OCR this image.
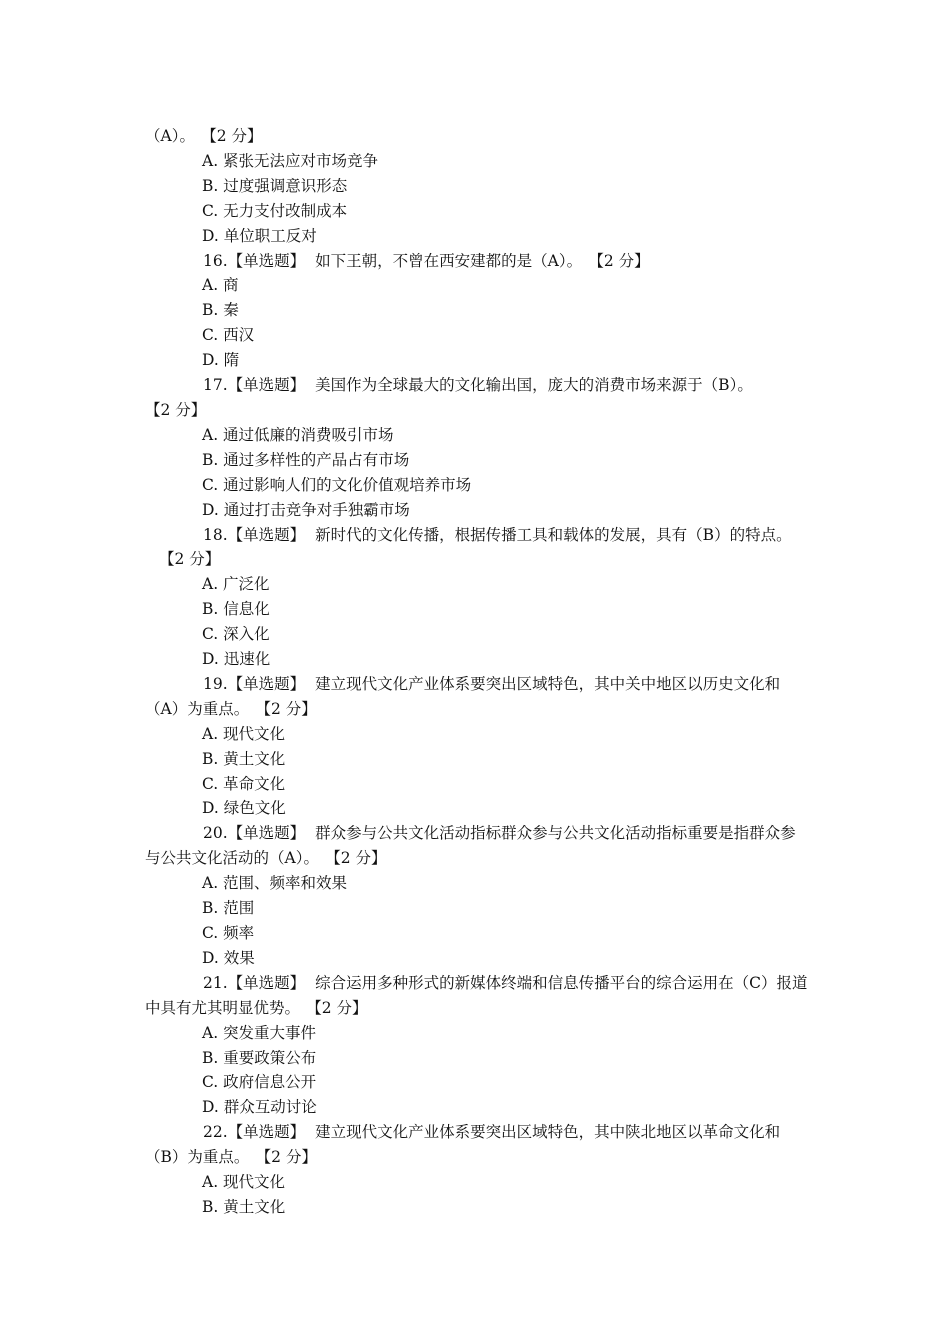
（A）。 【2 分】
A. 紧张无法应对市场竞争
B. 过度强调意识形态
C. 无力支付改制成本
D. 单位职工反对
16.【单选题】 如下王朝，不曾在西安建都的是（A）。 【2 分】
A. 商
B. 秦
C. 西汉
D. 隋
17.【单选题】 美国作为全球最大的文化输出国，庞大的消费市场来源于（B）。
【2 分】
A. 通过低廉的消费吸引市场
B. 通过多样性的产品占有市场
C. 通过影响人们的文化价值观培养市场
D. 通过打击竞争对手独霸市场
18.【单选题】 新时代的文化传播，根据传播工具和载体的发展，具有（B）的特点。【2 分】
A. 广泛化
B. 信息化
C. 深入化
D. 迅速化
19.【单选题】 建立现代文化产业体系要突出区域特色，其中关中地区以历史文化和（A）为重点。 【2 分】
A. 现代文化
B. 黄土文化
C. 革命文化
D. 绿色文化
20.【单选题】 群众参与公共文化活动指标群众参与公共文化活动指标重要是指群众参与公共文化活动的（A）。 【2 分】
A. 范围、频率和效果
B. 范围
C. 频率
D. 效果
21.【单选题】 综合运用多种形式的新媒体终端和信息传播平台的综合运用在（C）报道中具有尤其明显优势。 【2 分】
A. 突发重大事件
B. 重要政策公布
C. 政府信息公开
D. 群众互动讨论
22.【单选题】 建立现代文化产业体系要突出区域特色，其中陕北地区以革命文化和（B）为重点。 【2 分】
A. 现代文化
B. 黄土文化
